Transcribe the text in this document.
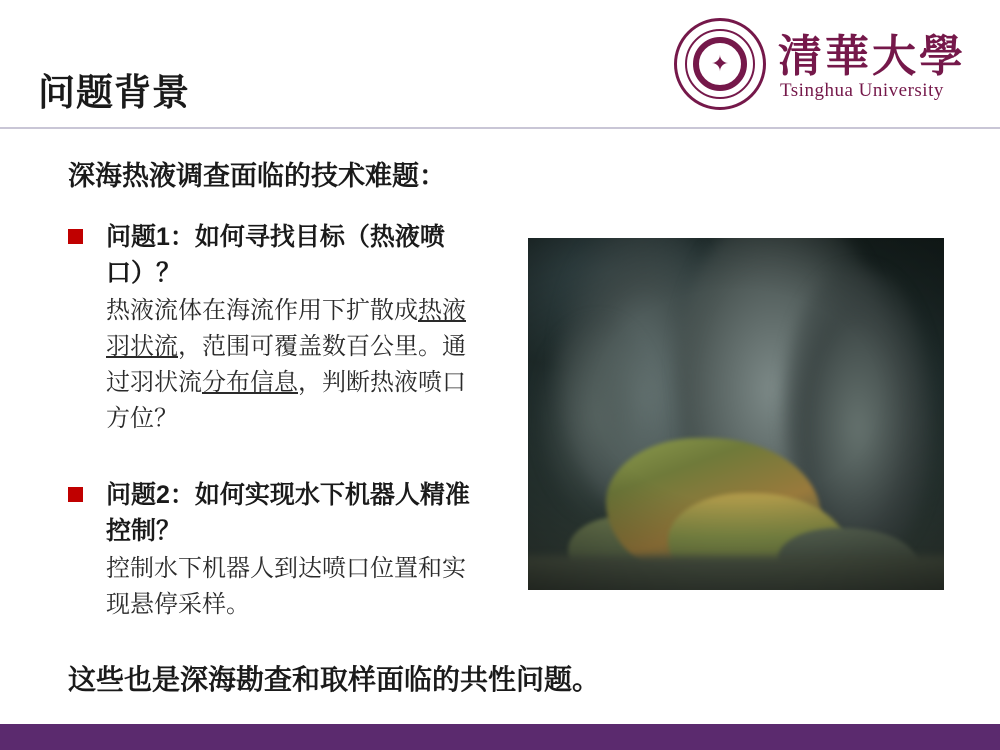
问题背景
✦ 清華大學
Tsinghua University
深海热液调查面临的技术难题：
问题1：如何寻找目标（热液喷口）？
热液流体在海流作用下扩散成热液羽状流，范围可覆盖数百公里。通过羽状流分布信息，判断热液喷口方位？
问题2：如何实现水下机器人精准控制？
控制水下机器人到达喷口位置和实现悬停采样。
这些也是深海勘查和取样面临的共性问题。
